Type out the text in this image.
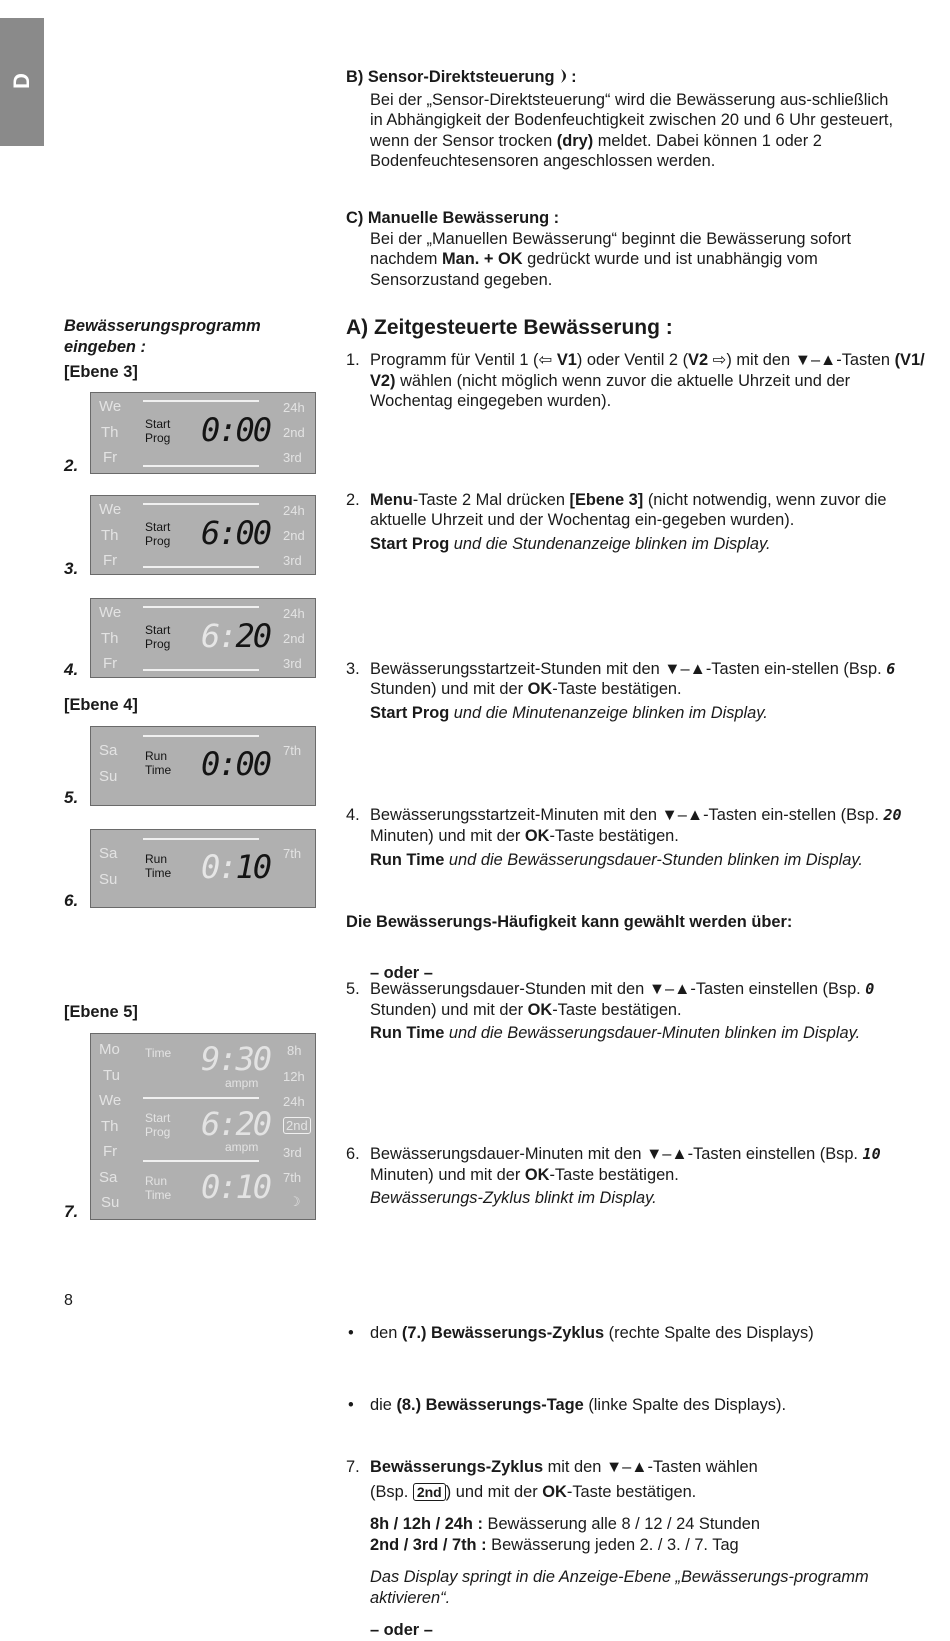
D	B) Sensor-Direktsteuerung :
Bei der „Sensor-Direktsteuerung“ wird die Bewässerung aus-schließlich in Abhängigkeit der Bodenfeuchtigkeit zwischen 20 und 6 Uhr gesteuert, wenn der Sensor trocken (dry) meldet. Dabei können 1 oder 2 Bodenfeuchtesensoren angeschlossen werden.
C) Manuelle Bewässerung :
Bei der „Manuellen Bewässerung“ beginnt die Bewässerung sofort nachdem Man. + OK gedrückt wurde und ist unabhängig vom Sensorzustand gegeben.
A) Zeitgesteuerte Bewässerung :
1. Programm für Ventil 1 (⇦ V1) oder Ventil 2 (V2 ⇨) mit den ▼–▲-Tasten (V1/ V2) wählen (nicht möglich wenn zuvor die aktuelle Uhrzeit und der Wochentag eingegeben wurden).

2. Menu-Taste 2 Mal drücken [Ebene 3] (nicht notwendig, wenn zuvor die aktuelle Uhrzeit und der Wochentag ein-gegeben wurden).

Start Prog und die Stundenanzeige blinken im Display.

3. Bewässerungsstartzeit-Stunden mit den ▼–▲-Tasten ein-stellen (Bsp. 6 Stunden) und mit der OK-Taste bestätigen.

Start Prog und die Minutenanzeige blinken im Display.

4. Bewässerungsstartzeit-Minuten mit den ▼–▲-Tasten ein-stellen (Bsp. 20 Minuten) und mit der OK-Taste bestätigen.

Run Time und die Bewässerungsdauer-Stunden blinken im Display.

5. Bewässerungsdauer-Stunden mit den ▼–▲-Tasten einstellen (Bsp. 0 Stunden) und mit der OK-Taste bestätigen.

Run Time und die Bewässerungsdauer-Minuten blinken im Display.

6. Bewässerungsdauer-Minuten mit den ▼–▲-Tasten einstellen (Bsp. 10 Minuten) und mit der OK-Taste bestätigen.

Bewässerungs-Zyklus blinkt im Display.

Die Bewässerungs-Häufigkeit kann gewählt werden über:
• den (7.) Bewässerungs-Zyklus (rechte Spalte des Displays)
– oder –
• die (8.) Bewässerungs-Tage (linke Spalte des Displays).
7. Bewässerungs-Zyklus mit den ▼–▲-Tasten wählen

(Bsp. 2nd ) und mit der OK-Taste bestätigen.

8h / 12h / 24h : Bewässerung alle 8 / 12 / 24 Stunden

2nd / 3rd / 7th : Bewässerung jeden 2. / 3. / 7. Tag

Das Display springt in die Anzeige-Ebene „Bewässerungs-programm aktivieren“.

– oder –

Bewässerungsprogramm eingeben :
[Ebene 3]
[Ebene 4]
[Ebene 5]
2.
3.
4.
5.
6.
7.
We
Th
Fr
Start
Prog 0:00
24h
2nd
3rd
We
Th
Fr
Start
Prog 6:00
24h
2nd
3rd
We
Th
Fr
Start
Prog 6:20
24h
2nd
3rd
Sa
Su
Run
Time 0:00 7th
Sa
Su
Run
Time 0:10 7th
Mo
Tu
We
Th
Fr
Sa
Su
Time 9:30
ampm
Start
Prog 6:20
ampm
Run
Time 0:10
8h
12h
24h
2nd
3rd
7th
☽
8
